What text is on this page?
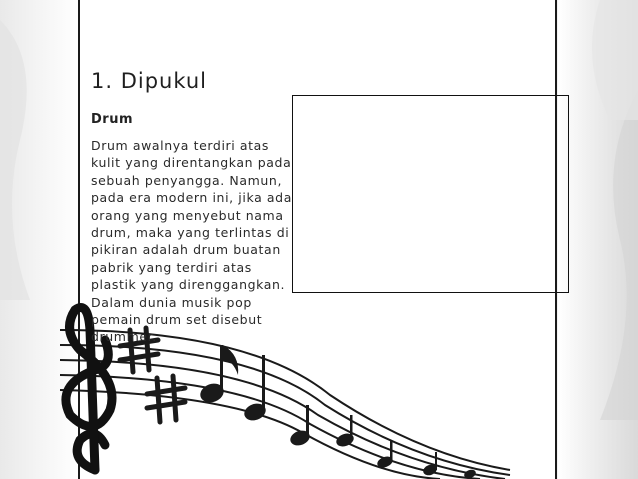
1. Dipukul
Drum

Drum awalnya terdiri atas kulit yang direntangkan pada sebuah penyangga. Namun, pada era modern ini, jika ada orang yang menyebut nama drum, maka yang terlintas di pikiran adalah drum buatan pabrik yang terdiri atas plastik yang direnggangkan. Dalam dunia musik pop pemain drum set disebut drummer.
